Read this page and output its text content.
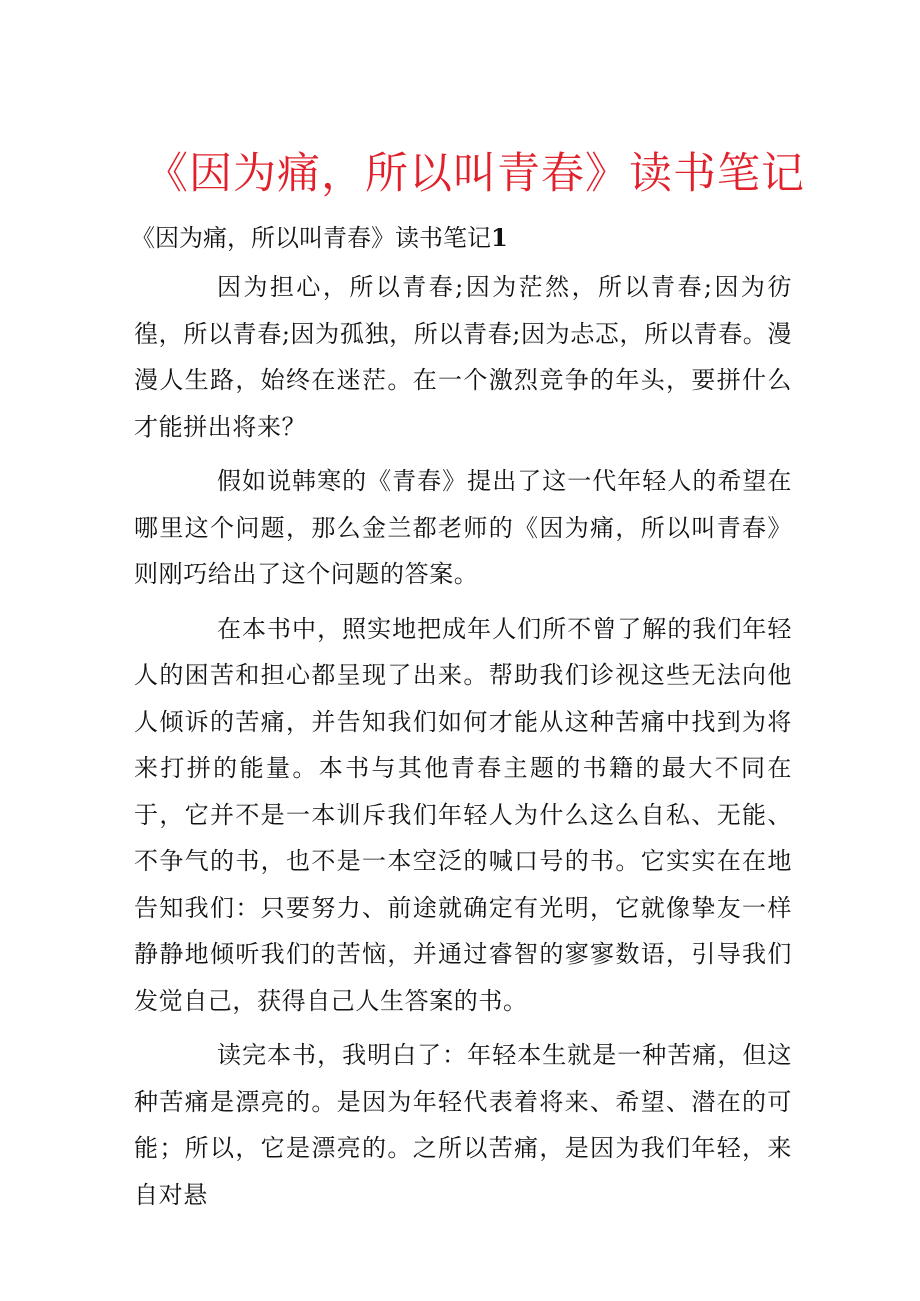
《因为痛，所以叫青春》读书笔记
《因为痛，所以叫青春》读书笔记1

因为担心，所以青春;因为茫然，所以青春;因为彷徨，所以青春;因为孤独，所以青春;因为忐忑，所以青春。漫漫人生路，始终在迷茫。在一个激烈竞争的年头，要拼什么才能拼出将来？

假如说韩寒的《青春》提出了这一代年轻人的希望在哪里这个问题，那么金兰都老师的《因为痛，所以叫青春》则刚巧给出了这个问题的答案。

在本书中，照实地把成年人们所不曾了解的我们年轻人的困苦和担心都呈现了出来。帮助我们诊视这些无法向他人倾诉的苦痛，并告知我们如何才能从这种苦痛中找到为将来打拼的能量。本书与其他青春主题的书籍的最大不同在于，它并不是一本训斥我们年轻人为什么这么自私、无能、不争气的书，也不是一本空泛的喊口号的书。它实实在在地告知我们：只要努力、前途就确定有光明，它就像挚友一样静静地倾听我们的苦恼，并通过睿智的寥寥数语，引导我们发觉自己，获得自己人生答案的书。

读完本书，我明白了：年轻本生就是一种苦痛，但这种苦痛是漂亮的。是因为年轻代表着将来、希望、潜在的可能；所以，它是漂亮的。之所以苦痛，是因为我们年轻，来自对悬
